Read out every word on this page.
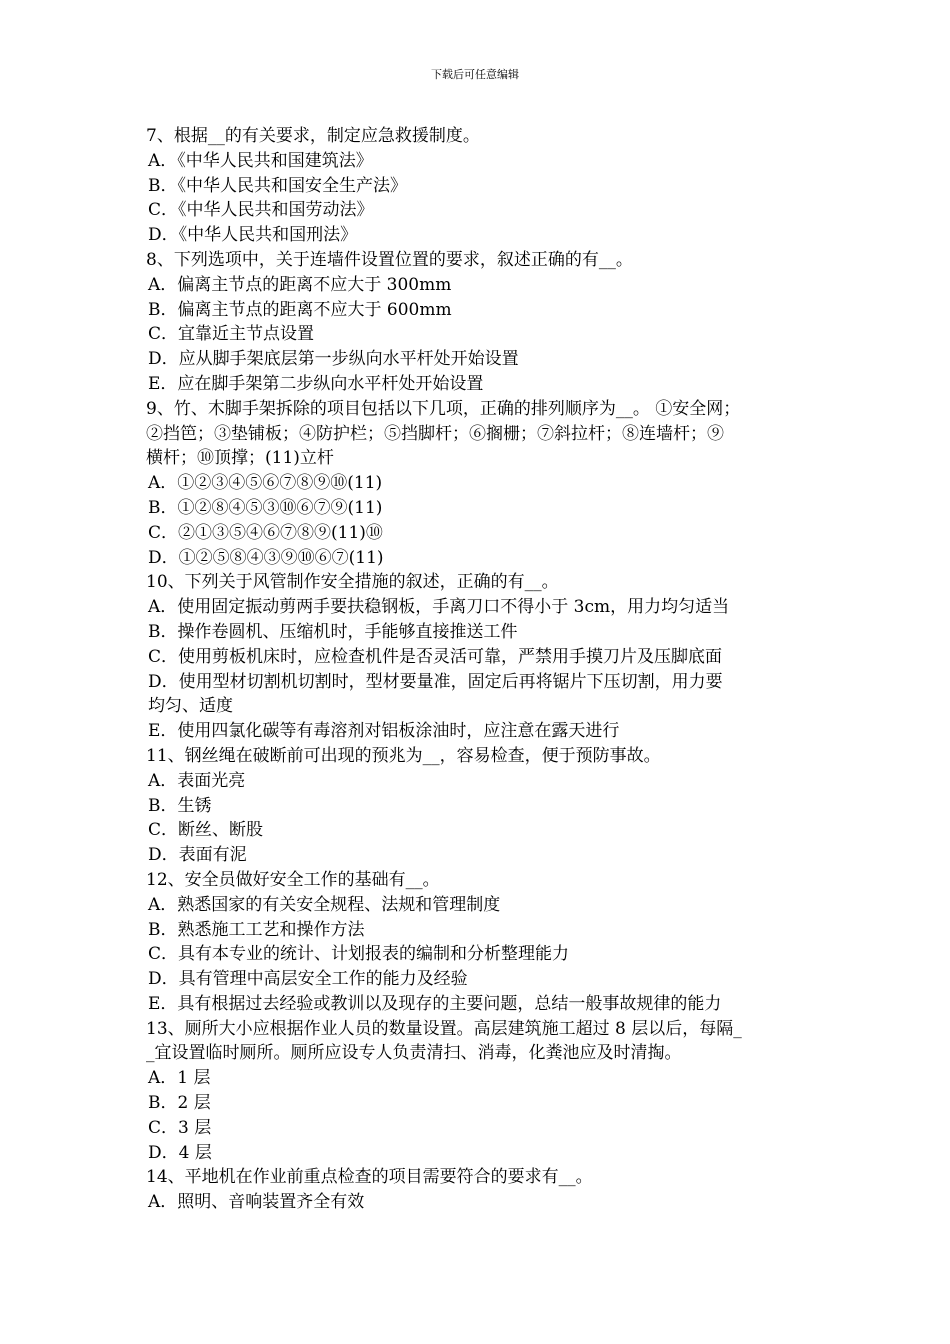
下载后可任意编辑
7、根据__的有关要求，制定应急救援制度。
A．《中华人民共和国建筑法》
B．《中华人民共和国安全生产法》
C．《中华人民共和国劳动法》
D．《中华人民共和国刑法》
8、下列选项中，关于连墙件设置位置的要求，叙述正确的有__。
A．偏离主节点的距离不应大于 300mm
B．偏离主节点的距离不应大于 600mm
C．宜靠近主节点设置
D．应从脚手架底层第一步纵向水平杆处开始设置
E．应在脚手架第二步纵向水平杆处开始设置
9、竹、木脚手架拆除的项目包括以下几项，正确的排列顺序为__。 ①安全网；
②挡笆；③垫铺板；④防护栏；⑤挡脚杆；⑥搁栅；⑦斜拉杆；⑧连墙杆；⑨
横杆；⑩顶撑；(11)立杆
A．①②③④⑤⑥⑦⑧⑨⑩(11)
B．①②⑧④⑤③⑩⑥⑦⑨(11)
C．②①③⑤④⑥⑦⑧⑨(11)⑩
D．①②⑤⑧④③⑨⑩⑥⑦(11)
10、下列关于风管制作安全措施的叙述，正确的有__。
A．使用固定振动剪两手要扶稳钢板，手离刀口不得小于 3cm，用力均匀适当
B．操作卷圆机、压缩机时，手能够直接推送工件
C．使用剪板机床时，应检查机件是否灵活可靠，严禁用手摸刀片及压脚底面
D．使用型材切割机切割时，型材要量准，固定后再将锯片下压切割，用力要
均匀、适度
E．使用四氯化碳等有毒溶剂对铝板涂油时，应注意在露天进行
11、钢丝绳在破断前可出现的预兆为__，容易检查，便于预防事故。
A．表面光亮
B．生锈
C．断丝、断股
D．表面有泥
12、安全员做好安全工作的基础有__。
A．熟悉国家的有关安全规程、法规和管理制度
B．熟悉施工工艺和操作方法
C．具有本专业的统计、计划报表的编制和分析整理能力
D．具有管理中高层安全工作的能力及经验
E．具有根据过去经验或教训以及现存的主要问题，总结一般事故规律的能力
13、厕所大小应根据作业人员的数量设置。高层建筑施工超过 8 层以后，每隔_
_宜设置临时厕所。厕所应设专人负责清扫、消毒，化粪池应及时清掏。
A．1 层
B．2 层
C．3 层
D．4 层
14、平地机在作业前重点检查的项目需要符合的要求有__。
A．照明、音响装置齐全有效
